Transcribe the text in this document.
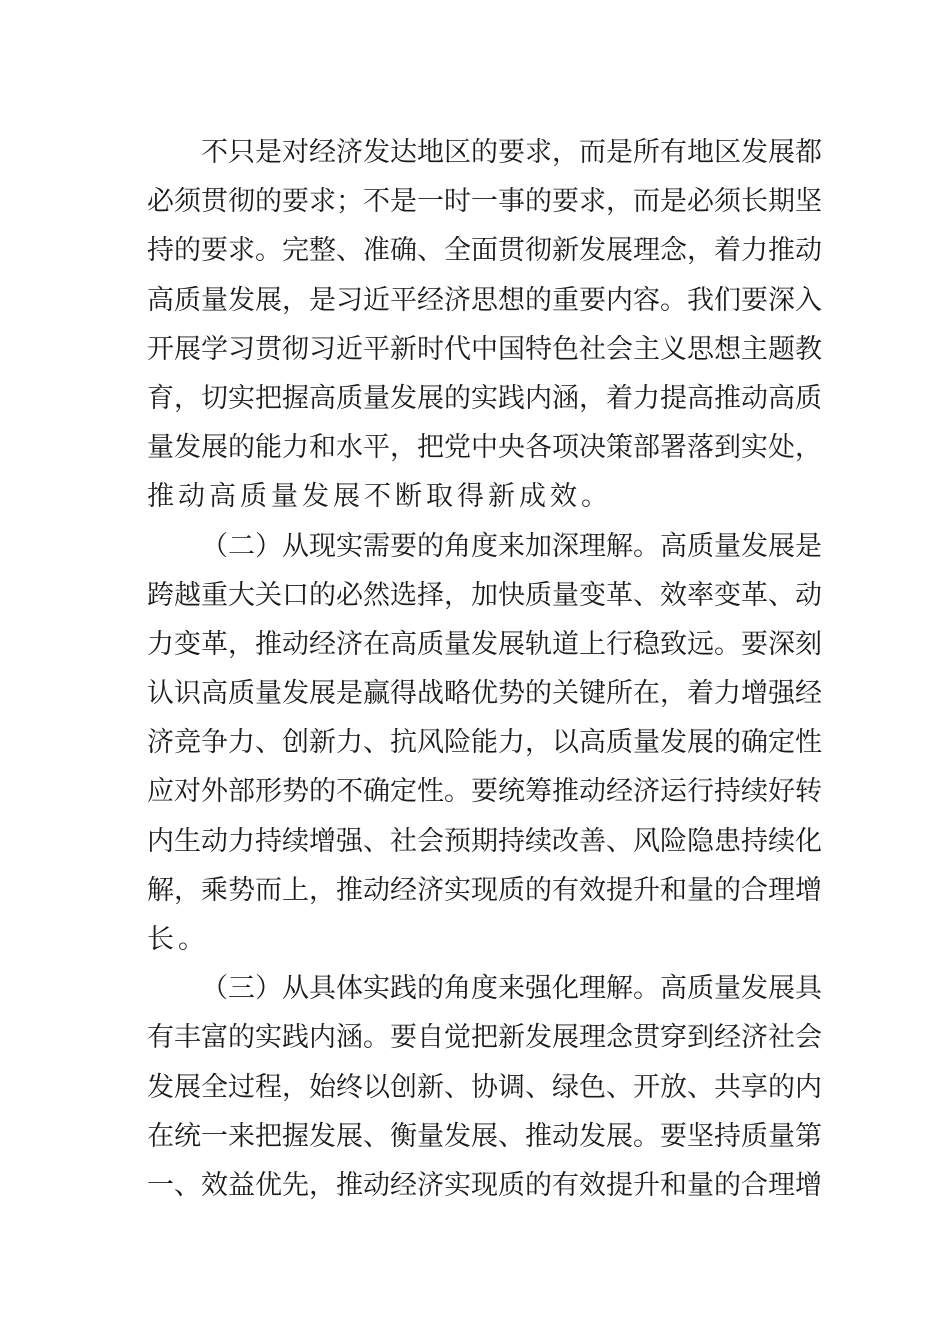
不只是对经济发达地区的要求，而是所有地区发展都
必须贯彻的要求；不是一时一事的要求，而是必须长期坚
持的要求。完整、准确、全面贯彻新发展理念，着力推动
高质量发展，是习近平经济思想的重要内容。我们要深入
开展学习贯彻习近平新时代中国特色社会主义思想主题教
育，切实把握高质量发展的实践内涵，着力提高推动高质
量发展的能力和水平，把党中央各项决策部署落到实处，
推动高质量发展不断取得新成效。
（二）从现实需要的角度来加深理解。高质量发展是
跨越重大关口的必然选择，加快质量变革、效率变革、动
力变革，推动经济在高质量发展轨道上行稳致远。要深刻
认识高质量发展是赢得战略优势的关键所在，着力增强经
济竞争力、创新力、抗风险能力，以高质量发展的确定性
应对外部形势的不确定性。要统筹推动经济运行持续好转
内生动力持续增强、社会预期持续改善、风险隐患持续化
解，乘势而上，推动经济实现质的有效提升和量的合理增
长。
（三）从具体实践的角度来强化理解。高质量发展具
有丰富的实践内涵。要自觉把新发展理念贯穿到经济社会
发展全过程，始终以创新、协调、绿色、开放、共享的内
在统一来把握发展、衡量发展、推动发展。要坚持质量第
一、效益优先，推动经济实现质的有效提升和量的合理增
